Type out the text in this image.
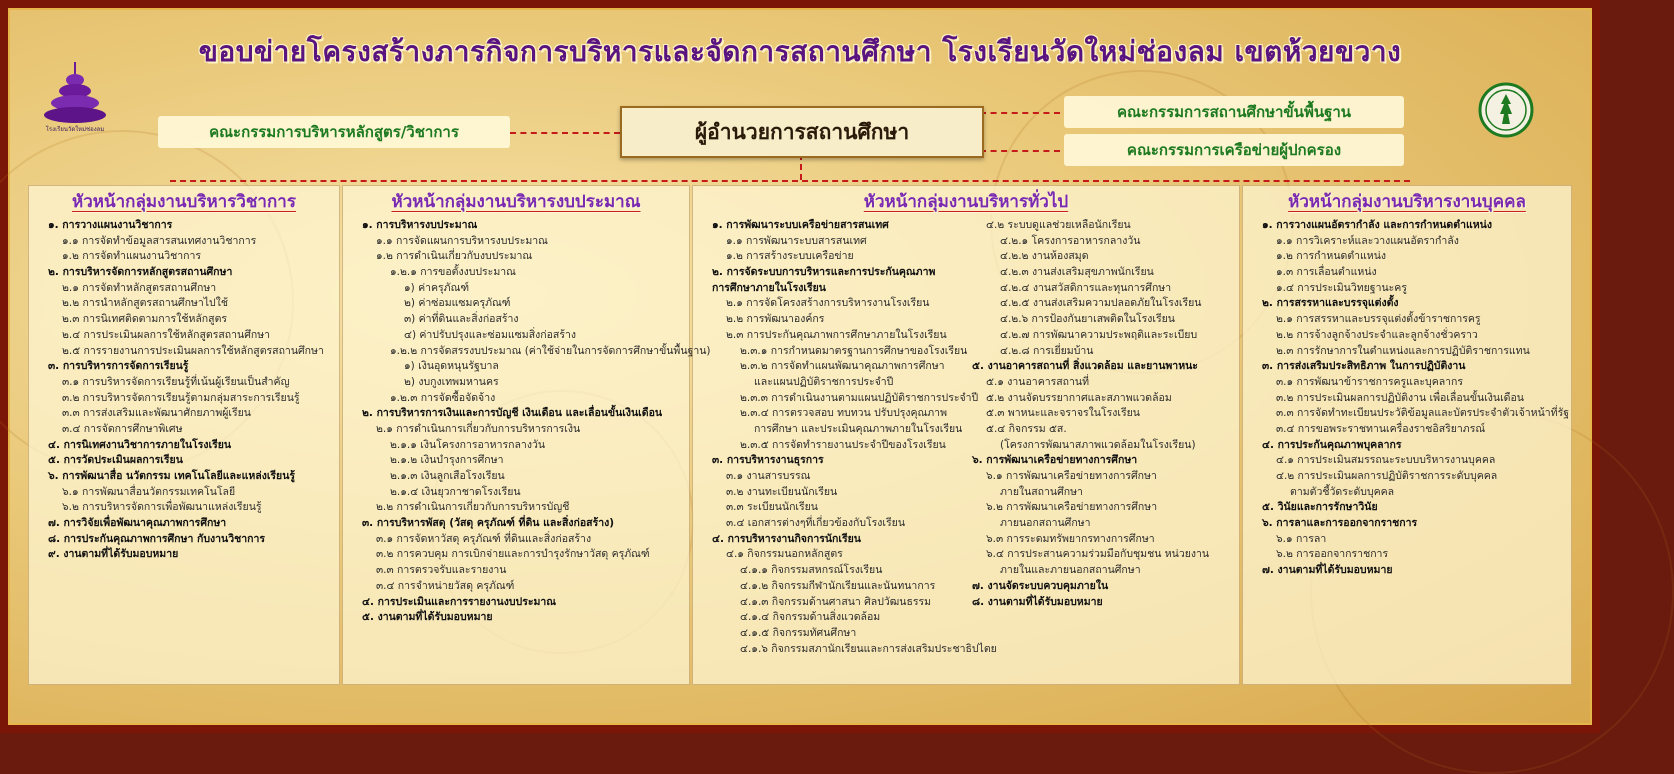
ขอบข่ายโครงสร้างภารกิจการบริหารและจัดการสถานศึกษา โรงเรียนวัดใหม่ช่องลม เขตห้วยขวาง
โรงเรียนวัดใหม่ช่องลม	ผู้อำนวยการสถานศึกษา
คณะกรรมการบริหารหลักสูตร/วิชาการ
คณะกรรมการสถานศึกษาขั้นพื้นฐาน
คณะกรรมการเครือข่ายผู้ปกครอง
หัวหน้ากลุ่มงานบริหารวิชาการ	หัวหน้ากลุ่มงานบริหารงบประมาณ	หัวหน้ากลุ่มงานบริหารทั่วไป	หัวหน้ากลุ่มงานบริหารงานบุคคล
๑. การวางแผนงานวิชาการ
๑.๑ การจัดทำข้อมูลสารสนเทศงานวิชาการ
๑.๒ การจัดทำแผนงานวิชาการ
๒. การบริหารจัดการหลักสูตรสถานศึกษา
๒.๑ การจัดทำหลักสูตรสถานศึกษา
๒.๒ การนำหลักสูตรสถานศึกษาไปใช้
๒.๓ การนิเทศติดตามการใช้หลักสูตร
๒.๔ การประเมินผลการใช้หลักสูตรสถานศึกษา
๒.๕ การรายงานการประเมินผลการใช้หลักสูตรสถานศึกษา
๓. การบริหารการจัดการเรียนรู้
๓.๑ การบริหารจัดการเรียนรู้ที่เน้นผู้เรียนเป็นสำคัญ
๓.๒ การบริหารจัดการเรียนรู้ตามกลุ่มสาระการเรียนรู้
๓.๓ การส่งเสริมและพัฒนาศักยภาพผู้เรียน
๓.๔ การจัดการศึกษาพิเศษ
๔. การนิเทศงานวิชาการภายในโรงเรียน
๕. การวัดประเมินผลการเรียน
๖. การพัฒนาสื่อ นวัตกรรม เทคโนโลยีและแหล่งเรียนรู้
๖.๑ การพัฒนาสื่อนวัตกรรมเทคโนโลยี
๖.๒ การบริหารจัดการเพื่อพัฒนาแหล่งเรียนรู้
๗. การวิจัยเพื่อพัฒนาคุณภาพการศึกษา
๘. การประกันคุณภาพการศึกษา กับงานวิชาการ
๙. งานตามที่ได้รับมอบหมาย
๑. การบริหารงบประมาณ
๑.๑ การจัดแผนการบริหารงบประมาณ
๑.๒ การดำเนินเกี่ยวกับงบประมาณ
๑.๒.๑ การขอตั้งงบประมาณ
๑) ค่าครุภัณฑ์
๒) ค่าซ่อมแซมครุภัณฑ์
๓) ค่าที่ดินและสิ่งก่อสร้าง
๔) ค่าปรับปรุงและซ่อมแซมสิ่งก่อสร้าง
๑.๒.๒ การจัดสรรงบประมาณ (ค่าใช้จ่ายในการจัดการศึกษาขั้นพื้นฐาน)
๑) เงินอุดหนุนรัฐบาล
๒) งบกูงเทพมหานคร
๑.๒.๓ การจัดซื้อจัดจ้าง
๒. การบริหารการเงินและการบัญชี เงินเดือน และเลื่อนขั้นเงินเดือน
๒.๑ การดำเนินการเกี่ยวกับการบริหารการเงิน
๒.๑.๑ เงินโครงการอาหารกลางวัน
๒.๑.๒ เงินบำรุงการศึกษา
๒.๑.๓ เงินลูกเสือโรงเรียน
๒.๑.๔ เงินยุวกาชาดโรงเรียน
๒.๒ การดำเนินการเกี่ยวกับการบริหารบัญชี
๓. การบริหารพัสดุ (วัสดุ ครุภัณฑ์ ที่ดิน และสิ่งก่อสร้าง)
๓.๑ การจัดหาวัสดุ ครุภัณฑ์ ที่ดินและสิ่งก่อสร้าง
๓.๒ การควบคุม การเบิกจ่ายและการบำรุงรักษาวัสดุ ครุภัณฑ์
๓.๓ การตรวจรับและรายงาน
๓.๔ การจำหน่ายวัสดุ ครุภัณฑ์
๔. การประเมินและการรายงานงบประมาณ
๕. งานตามที่ได้รับมอบหมาย
๑. การพัฒนาระบบเครือข่ายสารสนเทศ
๑.๑ การพัฒนาระบบสารสนเทศ
๑.๒ การสร้างระบบเครือข่าย
๒. การจัดระบบการบริหารและการประกันคุณภาพ
การศึกษาภายในโรงเรียน
๒.๑ การจัดโครงสร้างการบริหารงานโรงเรียน
๒.๒ การพัฒนาองค์กร
๒.๓ การประกันคุณภาพการศึกษาภายในโรงเรียน
๒.๓.๑ การกำหนดมาตรฐานการศึกษาของโรงเรียน
๒.๓.๒ การจัดทำแผนพัฒนาคุณภาพการศึกษา
และแผนปฏิบัติราชการประจำปี
๒.๓.๓ การดำเนินงานตามแผนปฏิบัติราชการประจำปี
๒.๓.๔ การตรวจสอบ ทบทวน ปรับปรุงคุณภาพ
การศึกษา และประเมินคุณภาพภายในโรงเรียน
๒.๓.๕ การจัดทำรายงานประจำปีของโรงเรียน
๓. การบริหารงานธุรการ
๓.๑ งานสารบรรณ
๓.๒ งานทะเบียนนักเรียน
๓.๓ ระเบียนนักเรียน
๓.๔ เอกสารต่างๆที่เกี่ยวข้องกับโรงเรียน
๔. การบริหารงานกิจการนักเรียน
๔.๑ กิจกรรมนอกหลักสูตร
๔.๑.๑ กิจกรรมสหกรณ์โรงเรียน
๔.๑.๒ กิจกรรมกีฬานักเรียนและนันทนาการ
๔.๑.๓ กิจกรรมด้านศาสนา ศิลปวัฒนธรรม
๔.๑.๔ กิจกรรมด้านสิ่งแวดล้อม
๔.๑.๕ กิจกรรมทัศนศึกษา
๔.๑.๖ กิจกรรมสภานักเรียนและการส่งเสริมประชาธิปไตย
๔.๒ ระบบดูแลช่วยเหลือนักเรียน
๔.๒.๑ โครงการอาหารกลางวัน
๔.๒.๒ งานห้องสมุด
๔.๒.๓ งานส่งเสริมสุขภาพนักเรียน
๔.๒.๔ งานสวัสดิการและทุนการศึกษา
๔.๒.๕ งานส่งเสริมความปลอดภัยในโรงเรียน
๔.๒.๖ การป้องกันยาเสพติดในโรงเรียน
๔.๒.๗ การพัฒนาความประพฤติและระเบียบ
๔.๒.๘ การเยี่ยมบ้าน
๕. งานอาคารสถานที่ สิ่งแวดล้อม และยานพาหนะ
๕.๑ งานอาคารสถานที่
๕.๒ งานจัดบรรยากาศและสภาพแวดล้อม
๕.๓ พาหนะและจราจรในโรงเรียน
๕.๔ กิจกรรม ๕ส.
(โครงการพัฒนาสภาพแวดล้อมในโรงเรียน)
๖. การพัฒนาเครือข่ายทางการศึกษา
๖.๑ การพัฒนาเครือข่ายทางการศึกษา
ภายในสถานศึกษา
๖.๒ การพัฒนาเครือข่ายทางการศึกษา
ภายนอกสถานศึกษา
๖.๓ การระดมทรัพยากรทางการศึกษา
๖.๔ การประสานความร่วมมือกับชุมชน หน่วยงาน
ภายในและภายนอกสถานศึกษา
๗. งานจัดระบบควบคุมภายใน
๘. งานตามที่ได้รับมอบหมาย
๑. การวางแผนอัตรากำลัง และการกำหนดตำแหน่ง
๑.๑ การวิเคราะห์และวางแผนอัตรากำลัง
๑.๒ การกำหนดตำแหน่ง
๑.๓ การเลื่อนตำแหน่ง
๑.๔ การประเมินวิทยฐานะครู
๒. การสรรหาและบรรจุแต่งตั้ง
๒.๑ การสรรหาและบรรจุแต่งตั้งข้าราชการครู
๒.๒ การจ้างลูกจ้างประจำและลูกจ้างชั่วคราว
๒.๓ การรักษาการในตำแหน่งและการปฏิบัติราชการแทน
๓. การส่งเสริมประสิทธิภาพ ในการปฏิบัติงาน
๓.๑ การพัฒนาข้าราชการครูและบุคลากร
๓.๒ การประเมินผลการปฏิบัติงาน เพื่อเลื่อนขั้นเงินเดือน
๓.๓ การจัดทำทะเบียนประวัติข้อมูลและบัตรประจำตัวเจ้าหน้าที่รัฐ
๓.๔ การขอพระราชทานเครื่องราชอิสริยาภรณ์
๔. การประกันคุณภาพบุคลากร
๔.๑ การประเมินสมรรถนะระบบบริหารงานบุคคล
๔.๒ การประเมินผลการปฏิบัติราชการระดับบุคคล
ตามตัวชี้วัดระดับบุคคล
๕. วินัยและการรักษาวินัย
๖. การลาและการออกจากราชการ
๖.๑ การลา
๖.๒ การออกจากราชการ
๗. งานตามที่ได้รับมอบหมาย
